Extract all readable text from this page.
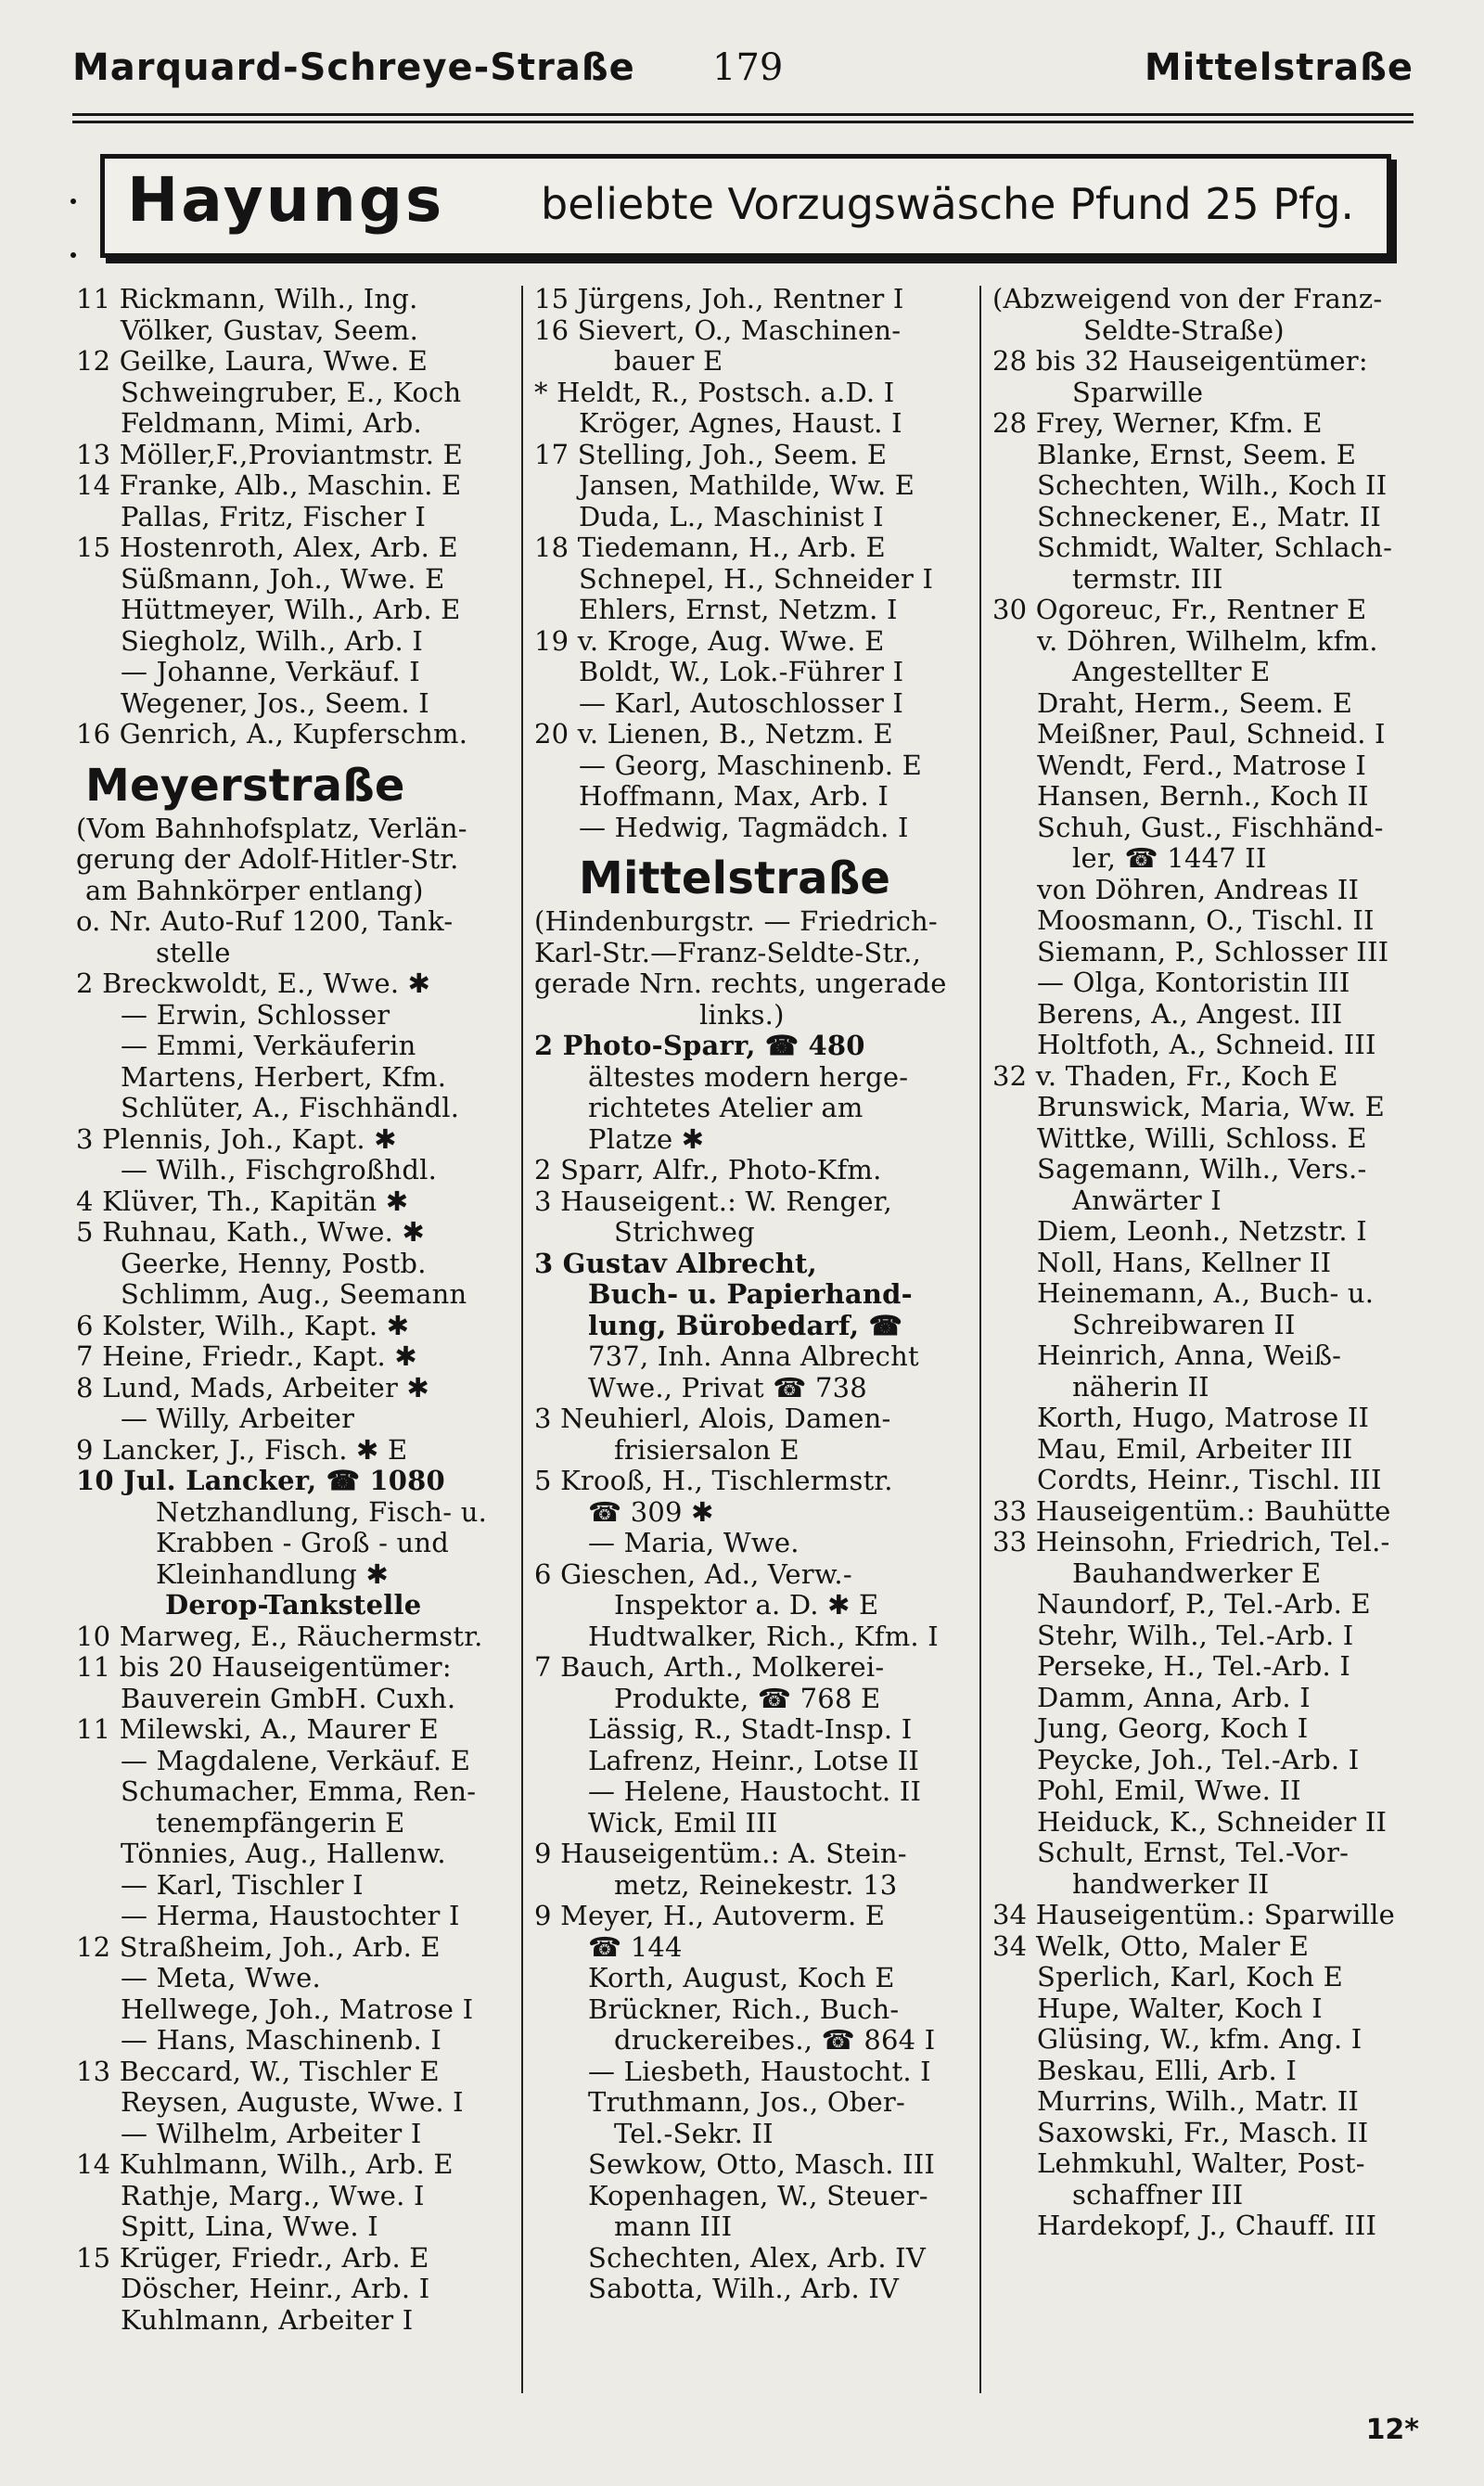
Marquard-Schreye-Straße 179	Mittelstraße
Hayungs beliebte Vorzugswäsche Pfund 25 Pfg.
11 Rickmann, Wilh., Ing.
Völker, Gustav, Seem.
12 Geilke, Laura, Wwe. E
Schweingruber, E., Koch
Feldmann, Mimi, Arb.
13 Möller,F.,Proviantmstr. E
14 Franke, Alb., Maschin. E
Pallas, Fritz, Fischer I
15 Hostenroth, Alex, Arb. E
Süßmann, Joh., Wwe. E
Hüttmeyer, Wilh., Arb. E
Siegholz, Wilh., Arb. I
— Johanne, Verkäuf. I
Wegener, Jos., Seem. I
16 Genrich, A., Kupferschm.
Meyerstraße
(Vom Bahnhofsplatz, Verlän-
gerung der Adolf-Hitler-Str.
am Bahnkörper entlang)
o. Nr. Auto-Ruf 1200, Tank-
stelle
2 Breckwoldt, E., Wwe. ✱
— Erwin, Schlosser
— Emmi, Verkäuferin
Martens, Herbert, Kfm.
Schlüter, A., Fischhändl.
3 Plennis, Joh., Kapt. ✱
— Wilh., Fischgroßhdl.
4 Klüver, Th., Kapitän ✱
5 Ruhnau, Kath., Wwe. ✱
Geerke, Henny, Postb.
Schlimm, Aug., Seemann
6 Kolster, Wilh., Kapt. ✱
7 Heine, Friedr., Kapt. ✱
8 Lund, Mads, Arbeiter ✱
— Willy, Arbeiter
9 Lancker, J., Fisch. ✱ E
10 Jul. Lancker, ☎ 1080
Netzhandlung, Fisch- u.
Krabben - Groß - und
Kleinhandlung ✱
Derop-Tankstelle
10 Marweg, E., Räuchermstr.
11 bis 20 Hauseigentümer:
Bauverein GmbH. Cuxh.
11 Milewski, A., Maurer E
— Magdalene, Verkäuf. E
Schumacher, Emma, Ren-
tenempfängerin E
Tönnies, Aug., Hallenw.
— Karl, Tischler I
— Herma, Haustochter I
12 Straßheim, Joh., Arb. E
— Meta, Wwe.
Hellwege, Joh., Matrose I
— Hans, Maschinenb. I
13 Beccard, W., Tischler E
Reysen, Auguste, Wwe. I
— Wilhelm, Arbeiter I
14 Kuhlmann, Wilh., Arb. E
Rathje, Marg., Wwe. I
Spitt, Lina, Wwe. I
15 Krüger, Friedr., Arb. E
Döscher, Heinr., Arb. I
Kuhlmann, Arbeiter I
15 Jürgens, Joh., Rentner I
16 Sievert, O., Maschinen-
bauer E
* Heldt, R., Postsch. a.D. I
Kröger, Agnes, Haust. I
17 Stelling, Joh., Seem. E
Jansen, Mathilde, Ww. E
Duda, L., Maschinist I
18 Tiedemann, H., Arb. E
Schnepel, H., Schneider I
Ehlers, Ernst, Netzm. I
19 v. Kroge, Aug. Wwe. E
Boldt, W., Lok.-Führer I
— Karl, Autoschlosser I
20 v. Lienen, B., Netzm. E
— Georg, Maschinenb. E
Hoffmann, Max, Arb. I
— Hedwig, Tagmädch. I
Mittelstraße
(Hindenburgstr. — Friedrich-
Karl-Str.—Franz-Seldte-Str.,
gerade Nrn. rechts, ungerade
links.)
2 Photo-Sparr, ☎ 480
ältestes modern herge-
richtetes Atelier am
Platze ✱
2 Sparr, Alfr., Photo-Kfm.
3 Hauseigent.: W. Renger,
Strichweg
3 Gustav Albrecht,
Buch- u. Papierhand-
lung, Bürobedarf, ☎
737, Inh. Anna Albrecht
Wwe., Privat ☎ 738
3 Neuhierl, Alois, Damen-
frisiersalon E
5 Krooß, H., Tischlermstr.
☎ 309 ✱
— Maria, Wwe.
6 Gieschen, Ad., Verw.-
Inspektor a. D. ✱ E
Hudtwalker, Rich., Kfm. I
7 Bauch, Arth., Molkerei-
Produkte, ☎ 768 E
Lässig, R., Stadt-Insp. I
Lafrenz, Heinr., Lotse II
— Helene, Haustocht. II
Wick, Emil III
9 Hauseigentüm.: A. Stein-
metz, Reinekestr. 13
9 Meyer, H., Autoverm. E
☎ 144
Korth, August, Koch E
Brückner, Rich., Buch-
druckereibes., ☎ 864 I
— Liesbeth, Haustocht. I
Truthmann, Jos., Ober-
Tel.-Sekr. II
Sewkow, Otto, Masch. III
Kopenhagen, W., Steuer-
mann III
Schechten, Alex, Arb. IV
Sabotta, Wilh., Arb. IV
(Abzweigend von der Franz-
Seldte-Straße)
28 bis 32 Hauseigentümer:
Sparwille
28 Frey, Werner, Kfm. E
Blanke, Ernst, Seem. E
Schechten, Wilh., Koch II
Schneckener, E., Matr. II
Schmidt, Walter, Schlach-
termstr. III
30 Ogoreuc, Fr., Rentner E
v. Döhren, Wilhelm, kfm.
Angestellter E
Draht, Herm., Seem. E
Meißner, Paul, Schneid. I
Wendt, Ferd., Matrose I
Hansen, Bernh., Koch II
Schuh, Gust., Fischhänd-
ler, ☎ 1447 II
von Döhren, Andreas II
Moosmann, O., Tischl. II
Siemann, P., Schlosser III
— Olga, Kontoristin III
Berens, A., Angest. III
Holtfoth, A., Schneid. III
32 v. Thaden, Fr., Koch E
Brunswick, Maria, Ww. E
Wittke, Willi, Schloss. E
Sagemann, Wilh., Vers.-
Anwärter I
Diem, Leonh., Netzstr. I
Noll, Hans, Kellner II
Heinemann, A., Buch- u.
Schreibwaren II
Heinrich, Anna, Weiß-
näherin II
Korth, Hugo, Matrose II
Mau, Emil, Arbeiter III
Cordts, Heinr., Tischl. III
33 Hauseigentüm.: Bauhütte
33 Heinsohn, Friedrich, Tel.-
Bauhandwerker E
Naundorf, P., Tel.-Arb. E
Stehr, Wilh., Tel.-Arb. I
Perseke, H., Tel.-Arb. I
Damm, Anna, Arb. I
Jung, Georg, Koch I
Peycke, Joh., Tel.-Arb. I
Pohl, Emil, Wwe. II
Heiduck, K., Schneider II
Schult, Ernst, Tel.-Vor-
handwerker II
34 Hauseigentüm.: Sparwille
34 Welk, Otto, Maler E
Sperlich, Karl, Koch E
Hupe, Walter, Koch I
Glüsing, W., kfm. Ang. I
Beskau, Elli, Arb. I
Murrins, Wilh., Matr. II
Saxowski, Fr., Masch. II
Lehmkuhl, Walter, Post-
schaffner III
Hardekopf, J., Chauff. III
12*
